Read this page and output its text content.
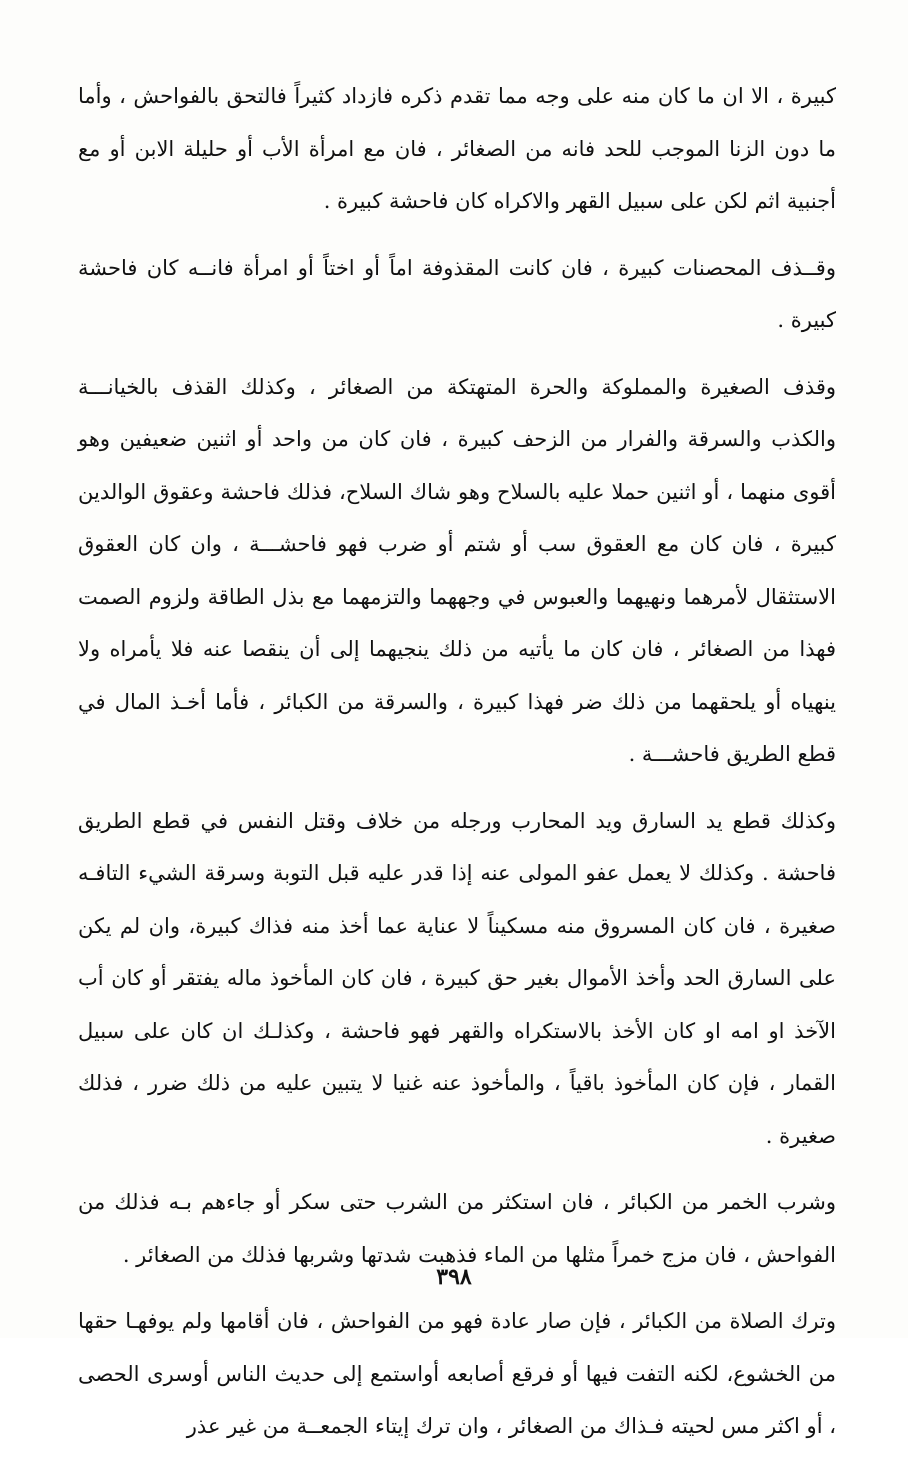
كبيرة ، الا ان ما كان منه على وجه مما تقدم ذكره فازداد كثيراً فالتحق بالفواحش ، وأما ما دون الزنا الموجب للحد فانه من الصغائر ، فان مع امرأة الأب أو حليلة الابن أو مع أجنبية اثم لكن على سبيل القهر والاكراه كان فاحشة كبيرة .

وقــذف المحصنات كبيرة ، فان كانت المقذوفة اماً أو اختاً أو امرأة فانــه كان فاحشة كبيرة .

وقذف الصغيرة والمملوكة والحرة المتهتكة من الصغائر ، وكذلك القذف بالخيانـــة والكذب والسرقة والفرار من الزحف كبيرة ، فان كان من واحد أو اثنين ضعيفين وهو أقوى منهما ، أو اثنين حملا عليه بالسلاح وهو شاك السلاح، فذلك فاحشة وعقوق الوالدين كبيرة ، فان كان مع العقوق سب أو شتم أو ضرب فهو فاحشـــة ، وان كان العقوق الاستثقال لأمرهما ونهيهما والعبوس في وجههما والتزمهما مع بذل الطاقة ولزوم الصمت فهذا من الصغائر ، فان كان ما يأتيه من ذلك ينجيهما إلى أن ينقصا عنه فلا يأمراه ولا ينهياه أو يلحقهما من ذلك ضر فهذا كبيرة ، والسرقة من الكبائر ، فأما أخـذ المال في قطع الطريق فاحشـــة .

وكذلك قطع يد السارق ويد المحارب ورجله من خلاف وقتل النفس في قطع الطريق فاحشة . وكذلك لا يعمل عفو المولى عنه إذا قدر عليه قبل التوبة وسرقة الشيء التافـه صغيرة ، فان كان المسروق منه مسكيناً لا عناية عما أخذ منه فذاك كبيرة، وان لم يكن على السارق الحد وأخذ الأموال بغير حق كبيرة ، فان كان المأخوذ ماله يفتقر أو كان أب الآخذ او امه او كان الأخذ بالاستكراه والقهر فهو فاحشة ، وكذلـك ان كان على سبيل القمار ، فإن كان المأخوذ باقياً ، والمأخوذ عنه غنيا لا يتبين عليه من ذلك ضرر ، فذلك صغيرة .

وشرب الخمر من الكبائر ، فان استكثر من الشرب حتى سكر أو جاءهم بـه فذلك من الفواحش ، فان مزج خمراً مثلها من الماء فذهبت شدتها وشربها فذلك من الصغائر .

وترك الصلاة من الكبائر ، فإن صار عادة فهو من الفواحش ، فان أقامها ولم يوفهـا حقها من الخشوع، لكنه التفت فيها أو فرقع أصابعه أواستمع إلى حديث الناس أوسرى الحصى ، أو اكثر مس لحيته فـذاك من الصغائر ، وان ترك إيتاء الجمعــة من غير عذر

٣٩٨
